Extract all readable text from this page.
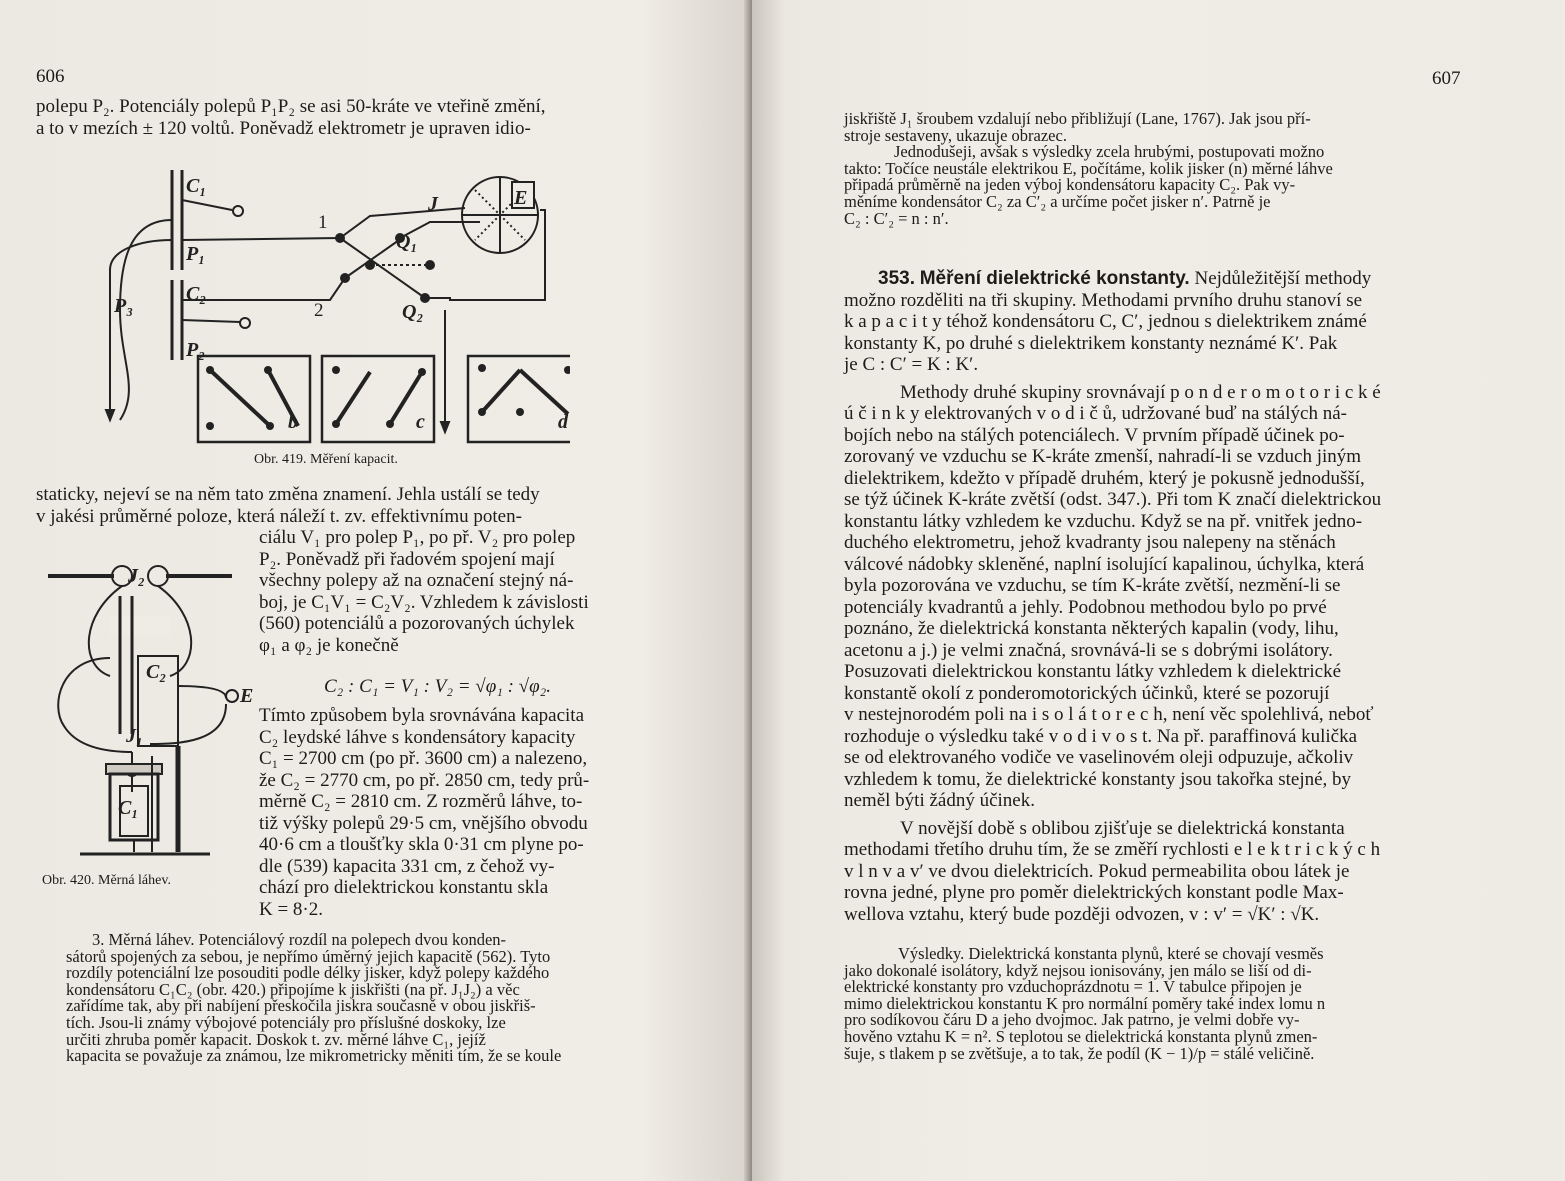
606

polepu P₂. Potenciály polepů P₁P₂ se asi 50-kráte ve vteřině změní,

a to v mezích ± 120 voltů. Poněvadž elektrometr je upraven idio-

C₁
P₁
C₂
P₂
P₃
J	E
Q₁
Q₂
b	c	d
1
2
Obr. 419. Měření kapacit.

staticky, nejeví se na něm tato změna znamení. Jehla ustálí se tedy

v jakési průměrné poloze, která náleží t. zv. effektivnímu poten-

ciálu V₁ pro polep P₁, po př. V₂ pro polep

P₂. Poněvadž při řadovém spojení mají

všechny polepy až na označení stejný ná-

boj, je C₁V₁ = C₂V₂. Vzhledem k závislosti

(560) potenciálů a pozorovaných úchylek

φ₁ a φ₂ je konečně

C₂ : C₁ = V₁ : V₂ = √φ₁ : √φ₂.

Tímto způsobem byla srovnávána kapacita

C₂ leydské láhve s kondensátory kapacity

C₁ = 2700 cm (po př. 3600 cm) a nalezeno,

že C₂ = 2770 cm, po př. 2850 cm, tedy prů-

měrně C₂ = 2810 cm. Z rozměrů láhve, to-

tiž výšky polepů 29·5 cm, vnějšího obvodu

40·6 cm a tloušťky skla 0·31 cm plyne po-

dle (539) kapacita 331 cm, z čehož vy-

chází pro dielektrickou konstantu skla

K = 8·2.

J₂
C₂
E
J₁
C₁
Obr. 420. Měrná láhev.

3. Měrná láhev. Potenciálový rozdíl na polepech dvou konden-

sátorů spojených za sebou, je nepřímo úměrný jejich kapacitě (562). Tyto

rozdíly potenciální lze posouditi podle délky jisker, když polepy každého

kondensátoru C₁C₂ (obr. 420.) připojíme k jiskřišti (na př. J₁J₂) a věc

zařídíme tak, aby při nabíjení přeskočila jiskra současně v obou jiskřiš-

tích. Jsou-li známy výbojové potenciály pro příslušné doskoky, lze

určiti zhruba poměr kapacit. Doskok t. zv. měrné láhve C₁, jejíž

kapacita se považuje za známou, lze mikrometricky měniti tím, že se koule

607

jiskřiště J₁ šroubem vzdalují nebo přibližují (Lane, 1767). Jak jsou pří-

stroje sestaveny, ukazuje obrazec.

Jednodušeji, avšak s výsledky zcela hrubými, postupovati možno

takto: Točíce neustále elektrikou E, počítáme, kolik jisker (n) měrné láhve

připadá průměrně na jeden výboj kondensátoru kapacity C₂. Pak vy-

měníme kondensátor C₂ za C′₂ a určíme počet jisker n′. Patrně je

C₂ : C′₂ = n : n′.

353. Měření dielektrické konstanty. Nejdůležitější methody

možno rozděliti na tři skupiny. Methodami prvního druhu stanoví se

k a p a c i t y téhož kondensátoru C, C′, jednou s dielektrikem známé

konstanty K, po druhé s dielektrikem konstanty neznámé K′. Pak

je C : C′ = K : K′.

Methody druhé skupiny srovnávají p o n d e r o m o t o r i c k é

ú č i n k y elektrovaných v o d i č ů, udržované buď na stálých ná-

bojích nebo na stálých potenciálech. V prvním případě účinek po-

zorovaný ve vzduchu se K-kráte zmenší, nahradí-li se vzduch jiným

dielektrikem, kdežto v případě druhém, který je pokusně jednodušší,

se týž účinek K-kráte zvětší (odst. 347.). Při tom K značí dielektrickou

konstantu látky vzhledem ke vzduchu. Když se na př. vnitřek jedno-

duchého elektrometru, jehož kvadranty jsou nalepeny na stěnách

válcové nádobky skleněné, naplní isolující kapalinou, úchylka, která

byla pozorována ve vzduchu, se tím K-kráte zvětší, nezmění-li se

potenciály kvadrantů a jehly. Podobnou methodou bylo po prvé

poznáno, že dielektrická konstanta některých kapalin (vody, lihu,

acetonu a j.) je velmi značná, srovnává-li se s dobrými isolátory.

Posuzovati dielektrickou konstantu látky vzhledem k dielektrické

konstantě okolí z ponderomotorických účinků, které se pozorují

v nestejnorodém poli na i s o l á t o r e c h, není věc spolehlivá, neboť

rozhoduje o výsledku také v o d i v o s t. Na př. paraffinová kulička

se od elektrovaného vodiče ve vaselinovém oleji odpuzuje, ačkoliv

vzhledem k tomu, že dielektrické konstanty jsou takořka stejné, by

neměl býti žádný účinek.

V novější době s oblibou zjišťuje se dielektrická konstanta

methodami třetího druhu tím, že se změří rychlosti e l e k t r i c k ý c h

v l n v a v′ ve dvou dielektricích. Pokud permeabilita obou látek je

rovna jedné, plyne pro poměr dielektrických konstant podle Max-

wellova vztahu, který bude později odvozen, v : v′ = √K′ : √K.

Výsledky. Dielektrická konstanta plynů, které se chovají vesměs

jako dokonalé isolátory, když nejsou ionisovány, jen málo se liší od di-

elektrické konstanty pro vzduchoprázdnotu = 1. V tabulce připojen je

mimo dielektrickou konstantu K pro normální poměry také index lomu n

pro sodíkovou čáru D a jeho dvojmoc. Jak patrno, je velmi dobře vy-

hověno vztahu K = n². S teplotou se dielektrická konstanta plynů zmen-

šuje, s tlakem p se zvětšuje, a to tak, že podíl (K − 1)/p = stálé veličině.
